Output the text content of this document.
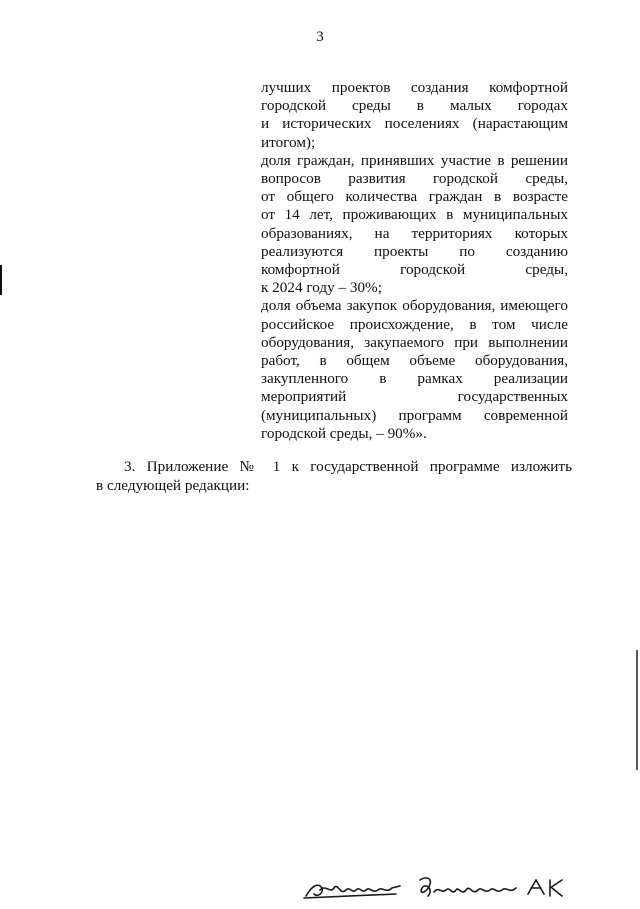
3
лучших проектов создания комфортной
городской среды в малых городах
и исторических поселениях (нарастающим
итогом);
доля граждан, принявших участие в решении
вопросов развития городской среды,
от общего количества граждан в возрасте
от 14 лет, проживающих в муниципальных
образованиях, на территориях которых
реализуются проекты по созданию
комфортной городской среды,
к 2024 году – 30%;
доля объема закупок оборудования, имеющего
российское происхождение, в том числе
оборудования, закупаемого при выполнении
работ, в общем объеме оборудования,
закупленного в рамках реализации
мероприятий государственных
(муниципальных) программ современной
городской среды, – 90%».
3. Приложение № 1 к государственной программе изложить
в следующей редакции:
